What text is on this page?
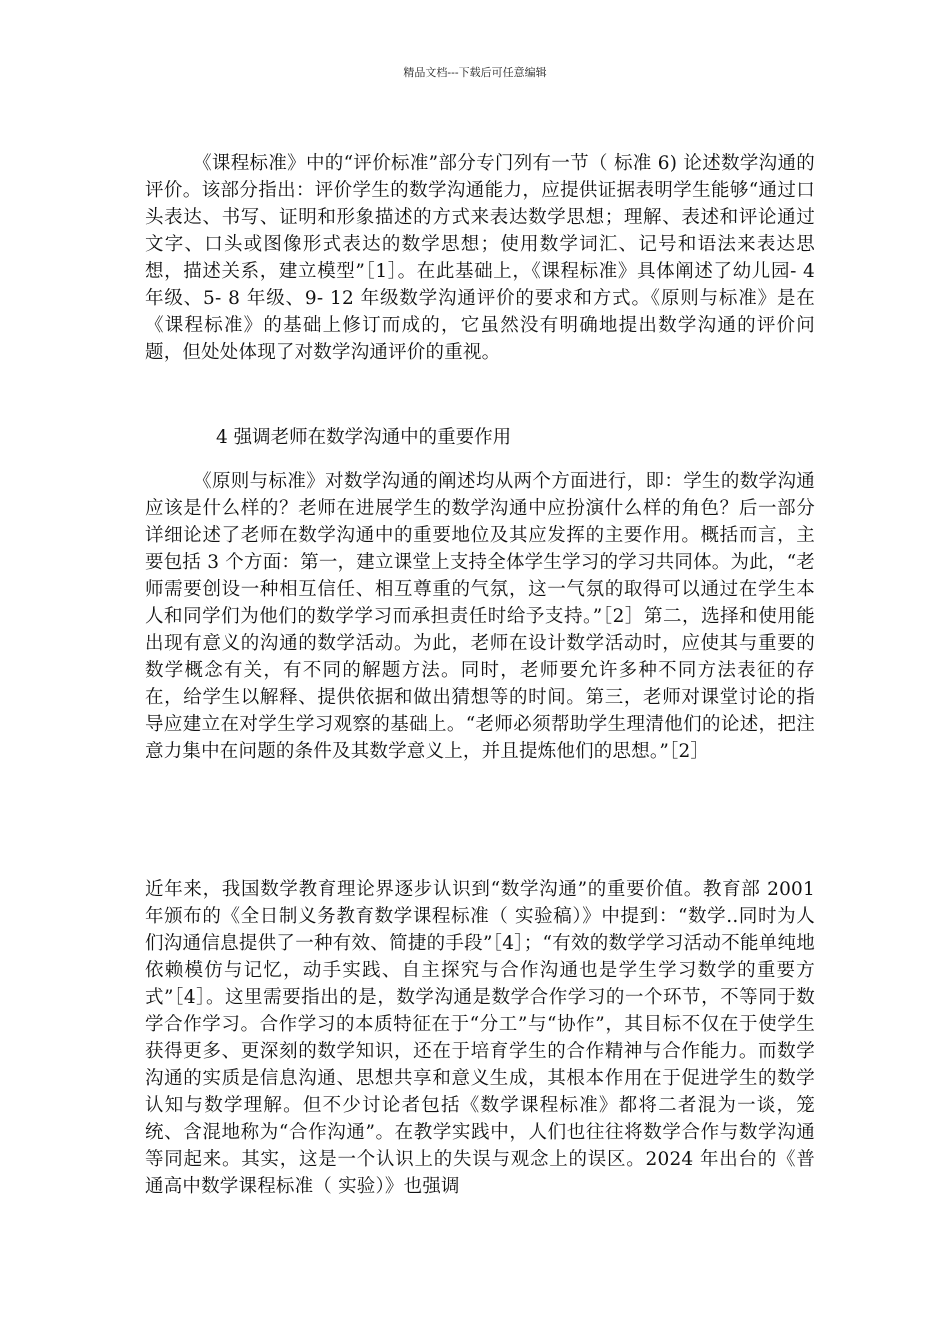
精品文档---下载后可任意编辑

《课程标准》中的“评价标准”部分专门列有一节（ 标准 6) 论述数学沟通的评价。该部分指出：评价学生的数学沟通能力，应提供证据表明学生能够“通过口头表达、书写、证明和形象描述的方式来表达数学思想；理解、表述和评论通过文字、口头或图像形式表达的数学思想；使用数学词汇、记号和语法来表达思想，描述关系，建立模型”［1］。在此基础上，《课程标准》具体阐述了幼儿园- 4 年级、5- 8 年级、9- 12 年级数学沟通评价的要求和方式。《原则与标准》是在《课程标准》的基础上修订而成的，它虽然没有明确地提出数学沟通的评价问题，但处处体现了对数学沟通评价的重视。

4 强调老师在数学沟通中的重要作用

《原则与标准》对数学沟通的阐述均从两个方面进行，即：学生的数学沟通应该是什么样的？老师在进展学生的数学沟通中应扮演什么样的角色？后一部分详细论述了老师在数学沟通中的重要地位及其应发挥的主要作用。概括而言，主要包括 3 个方面：第一，建立课堂上支持全体学生学习的学习共同体。为此，“老师需要创设一种相互信任、相互尊重的气氛，这一气氛的取得可以通过在学生本人和同学们为他们的数学学习而承担责任时给予支持。”［2］第二，选择和使用能出现有意义的沟通的数学活动。为此，老师在设计数学活动时，应使其与重要的数学概念有关，有不同的解题方法。同时，老师要允许多种不同方法表征的存在，给学生以解释、提供依据和做出猜想等的时间。第三，老师对课堂讨论的指导应建立在对学生学习观察的基础上。“老师必须帮助学生理清他们的论述，把注意力集中在问题的条件及其数学意义上，并且提炼他们的思想。”［2］

近年来，我国数学教育理论界逐步认识到“数学沟通”的重要价值。教育部 2001 年颁布的《全日制义务教育数学课程标准（ 实验稿）》中提到：“数学..同时为人们沟通信息提供了一种有效、简捷的手段”［4］；“有效的数学学习活动不能单纯地依赖模仿与记忆，动手实践、自主探究与合作沟通也是学生学习数学的重要方式”［4］。这里需要指出的是，数学沟通是数学合作学习的一个环节，不等同于数学合作学习。合作学习的本质特征在于“分工”与“协作”，其目标不仅在于使学生获得更多、更深刻的数学知识，还在于培育学生的合作精神与合作能力。而数学沟通的实质是信息沟通、思想共享和意义生成，其根本作用在于促进学生的数学认知与数学理解。但不少讨论者包括《数学课程标准》都将二者混为一谈，笼统、含混地称为“合作沟通”。在教学实践中，人们也往往将数学合作与数学沟通等同起来。其实，这是一个认识上的失误与观念上的误区。2024 年出台的《普通高中数学课程标准（ 实验）》也强调
